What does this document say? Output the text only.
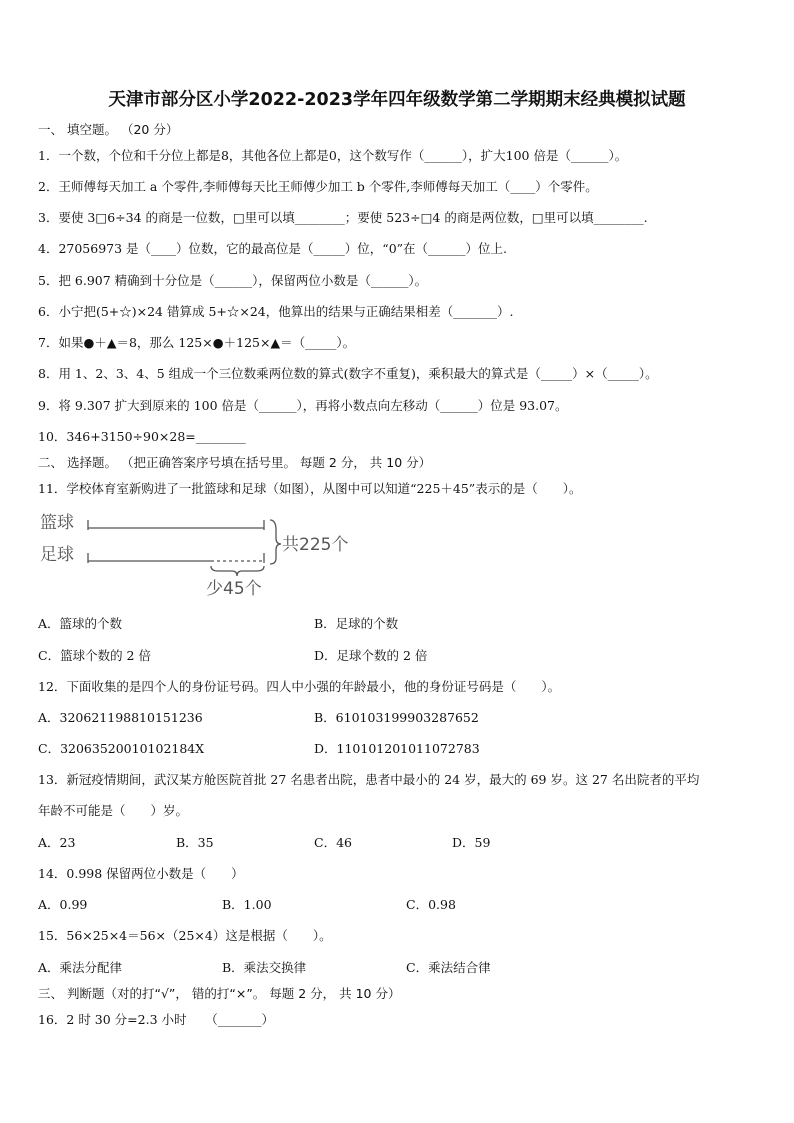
天津市部分区小学2022-2023学年四年级数学第二学期期末经典模拟试题
一、 填空题。 （20 分）
1．一个数，个位和千分位上都是8，其他各位上都是0，这个数写作（______），扩大100 倍是（______）。
2．王师傅每天加工 a 个零件,李师傅每天比王师傅少加工 b 个零件,李师傅每天加工（____）个零件。
3．要使 3□6÷34 的商是一位数，□里可以填________；要使 523÷□4 的商是两位数，□里可以填________.
4．27056973 是（____）位数，它的最高位是（_____）位，“0”在（______）位上.
5．把 6.907 精确到十分位是（______），保留两位小数是（______）。
6．小宁把(5+☆)×24 错算成 5+☆×24，他算出的结果与正确结果相差（_______）.
7．如果●＋▲＝8，那么 125×●＋125×▲＝（_____）。
8．用 1、2、3、4、5 组成一个三位数乘两位数的算式(数字不重复)，乘积最大的算式是（_____）×（_____）。
9．将 9.307 扩大到原来的 100 倍是（______），再将小数点向左移动（______）位是 93.07。
10．346+3150÷90×28=________
二、 选择题。 （把正确答案序号填在括号里。 每题 2 分， 共 10 分）
11．学校体育室新购进了一批篮球和足球（如图），从图中可以知道“225＋45”表示的是（　　）。
篮球
足球	共225个
少45个
A．篮球的个数	B．足球的个数
C．篮球个数的 2 倍	D．足球个数的 2 倍
12．下面收集的是四个人的身份证号码。四人中小强的年龄最小，他的身份证号码是（　　）。
A．320621198810151236	B．610103199903287652
C．32063520010102184X	D．110101201011072783
13．新冠疫情期间，武汉某方舱医院首批 27 名患者出院，患者中最小的 24 岁，最大的 69 岁。这 27 名出院者的平均
年龄不可能是（　　）岁。
A．23	B．35	C．46	D．59
14．0.998 保留两位小数是（　　）
A．0.99	B．1.00	C．0.98
15．56×25×4＝56×（25×4）这是根据（　　）。
A．乘法分配律	B．乘法交换律	C．乘法结合律
三、 判断题（对的打“√”， 错的打“×”。 每题 2 分， 共 10 分）
16．2 时 30 分=2.3 小时　　（_______）
